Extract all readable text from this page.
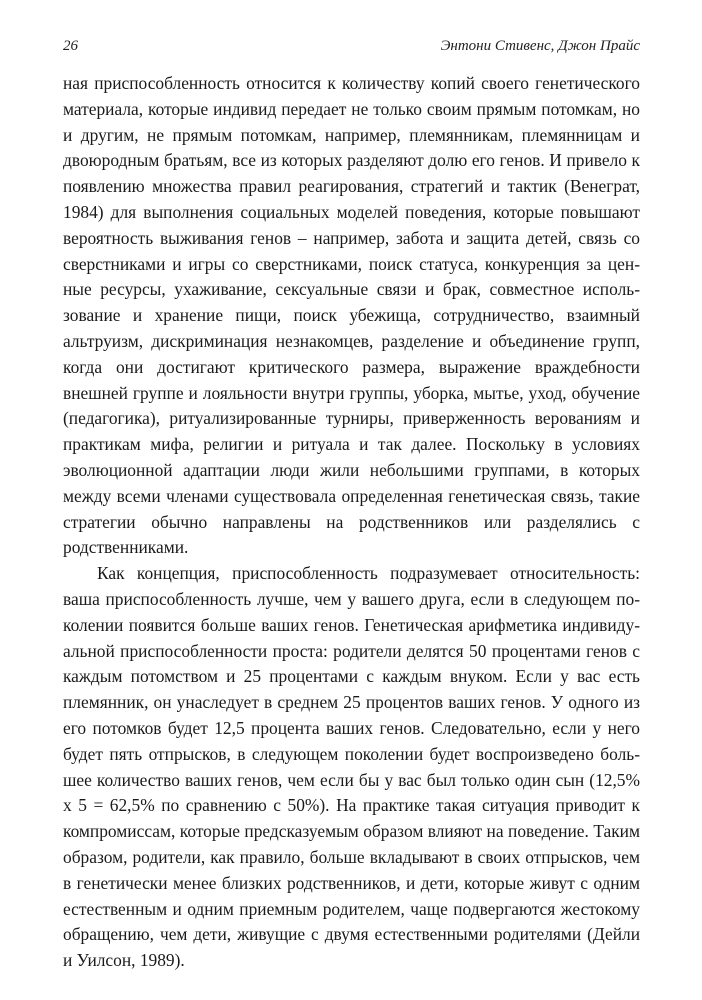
26	Энтони Стивенс, Джон Прайс

ная приспособленность относится к количеству копий своего генетического материала, которые индивид передает не только своим прямым потомкам, но и другим, не прямым потомкам, например, племянникам, племянницам и двоюродным братьям, все из которых разделяют долю его генов. И привело к появлению множества правил реагирования, стратегий и тактик (Венеграт, 1984) для выполнения социальных моделей поведения, которые повышают вероятность выживания генов – например, забота и защита детей, связь со сверстниками и игры со сверстниками, поиск статуса, конкуренция за ценные ресурсы, ухаживание, сексуальные связи и брак, совместное использование и хранение пищи, поиск убежища, сотрудничество, взаимный альтруизм, дискриминация незнакомцев, разделение и объединение групп, когда они достигают критического размера, выражение враждебности внешней группе и лояльности внутри группы, уборка, мытье, уход, обучение (педагогика), ритуализированные турниры, приверженность верованиям и практикам мифа, религии и ритуала и так далее. Поскольку в условиях эволюционной адаптации люди жили небольшими группами, в которых между всеми членами существовала определенная генетическая связь, такие стратегии обычно направлены на родственников или разделялись с родственниками.

Как концепция, приспособленность подразумевает относительность: ваша приспособленность лучше, чем у вашего друга, если в следующем поколении появится больше ваших генов. Генетическая арифметика индивидуальной приспособленности проста: родители делятся 50 процентами генов с каждым потомством и 25 процентами с каждым внуком. Если у вас есть племянник, он унаследует в среднем 25 процентов ваших генов. У одного из его потомков будет 12,5 процента ваших генов. Следовательно, если у него будет пять отпрысков, в следующем поколении будет воспроизведено большее количество ваших генов, чем если бы у вас был только один сын (12,5% x 5 = 62,5% по сравнению с 50%). На практике такая ситуация приводит к компромиссам, которые предсказуемым образом влияют на поведение. Таким образом, родители, как правило, больше вкладывают в своих отпрысков, чем в генетически менее близких родственников, и дети, которые живут с одним естественным и одним приемным родителем, чаще подвергаются жестокому обращению, чем дети, живущие с двумя естественными родителями (Дейли и Уилсон, 1989).
